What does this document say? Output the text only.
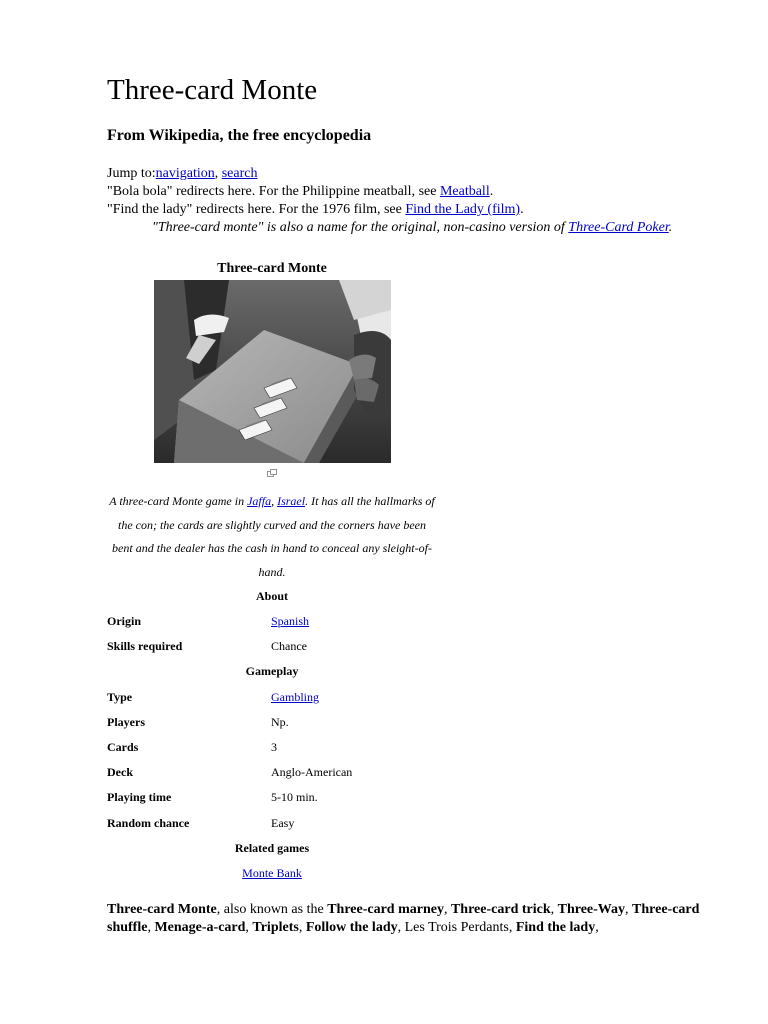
Three-card Monte
From Wikipedia, the free encyclopedia
Jump to:navigation, search
"Bola bola" redirects here. For the Philippine meatball, see Meatball.
"Find the lady" redirects here. For the 1976 film, see Find the Lady (film).
"Three-card monte" is also a name for the original, non-casino version of Three-Card Poker.
Three-card Monte
A three-card Monte game in Jaffa, Israel. It has all the hallmarks of the con; the cards are slightly curved and the corners have been bent and the dealer has the cash in hand to conceal any sleight-of-hand.
About
Origin	Spanish
Skills required	Chance
Gameplay
Type	Gambling
Players	Np.
Cards	3
Deck	Anglo-American
Playing time	5-10 min.
Random chance	Easy
Related games
Monte Bank
Three-card Monte, also known as the Three-card marney, Three-card trick, Three-Way, Three-card shuffle, Menage-a-card, Triplets, Follow the lady, Les Trois Perdants, Find the lady,
